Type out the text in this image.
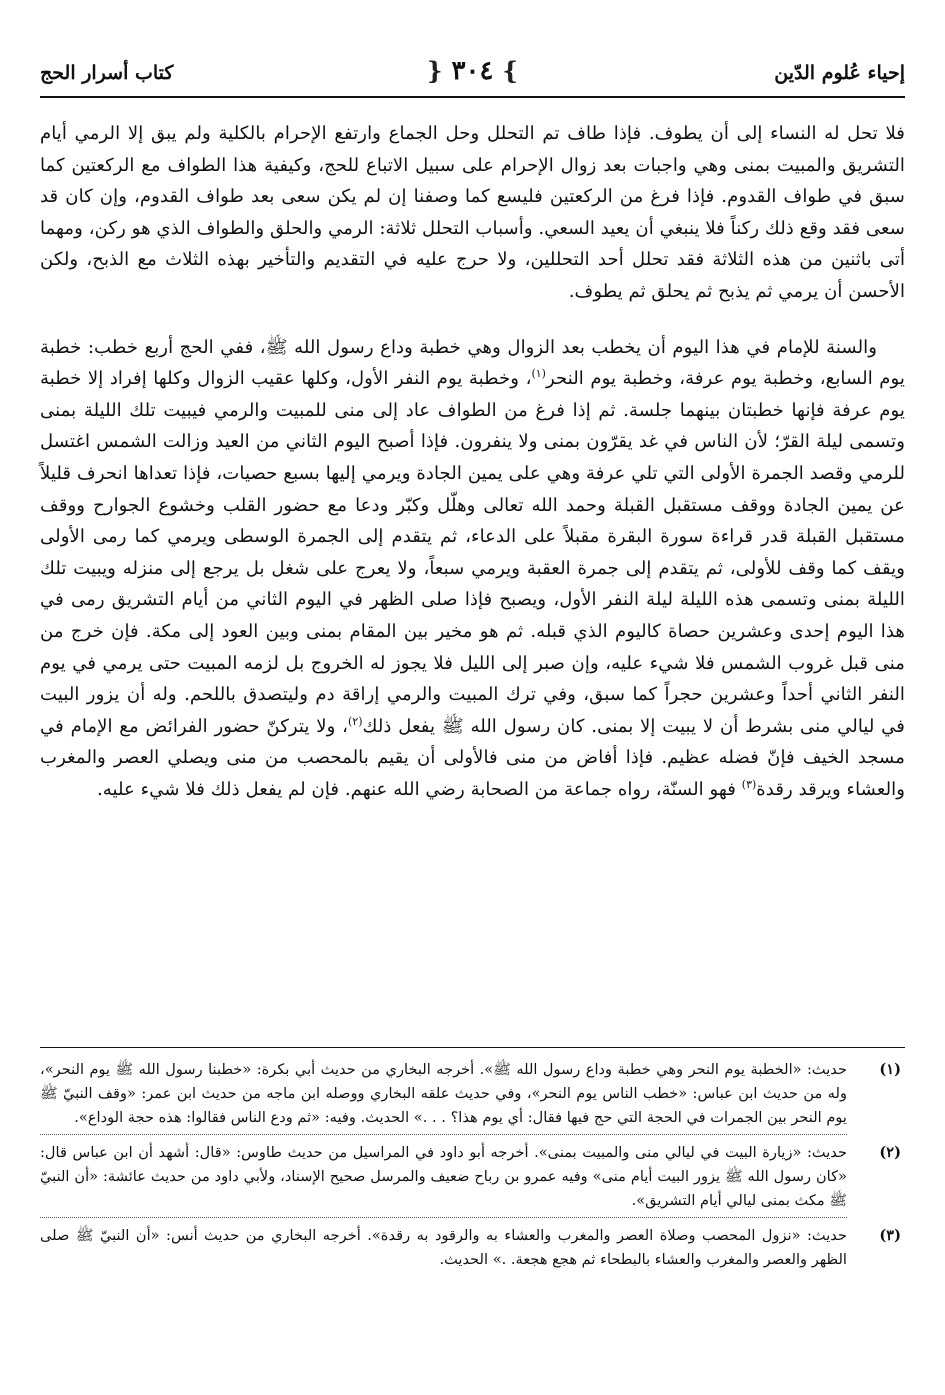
إحياء عُلوم الدّين
} ٣٠٤ {
كتاب أسرار الحج

فلا تحل له النساء إلى أن يطوف. فإذا طاف تم التحلل وحل الجماع وارتفع الإحرام بالكلية ولم يبق إلا الرمي أيام التشريق والمبيت بمنى وهي واجبات بعد زوال الإحرام على سبيل الاتباع للحج، وكيفية هذا الطواف مع الركعتين كما سبق في طواف القدوم. فإذا فرغ من الركعتين فليسع كما وصفنا إن لم يكن سعى بعد طواف القدوم، وإن كان قد سعى فقد وقع ذلك ركناً فلا ينبغي أن يعيد السعي. وأسباب التحلل ثلاثة: الرمي والحلق والطواف الذي هو ركن، ومهما أتى باثنين من هذه الثلاثة فقد تحلل أحد التحللين، ولا حرج عليه في التقديم والتأخير بهذه الثلاث مع الذبح، ولكن الأحسن أن يرمي ثم يذبح ثم يحلق ثم يطوف.

والسنة للإمام في هذا اليوم أن يخطب بعد الزوال وهي خطبة وداع رسول الله ﷺ، ففي الحج أربع خطب: خطبة يوم السابع، وخطبة يوم عرفة، وخطبة يوم النحر$^{(١)}$، وخطبة يوم النفر الأول، وكلها عقيب الزوال وكلها إفراد إلا خطبة يوم عرفة فإنها خطبتان بينهما جلسة. ثم إذا فرغ من الطواف عاد إلى منى للمبيت والرمي فيبيت تلك الليلة بمنى وتسمى ليلة القرّ؛ لأن الناس في غد يقرّون بمنى ولا ينفرون. فإذا أصبح اليوم الثاني من العيد وزالت الشمس اغتسل للرمي وقصد الجمرة الأولى التي تلي عرفة وهي على يمين الجادة ويرمي إليها بسبع حصيات، فإذا تعداها انحرف قليلاً عن يمين الجادة ووقف مستقبل القبلة وحمد الله تعالى وهلّل وكبّر ودعا مع حضور القلب وخشوع الجوارح ووقف مستقبل القبلة قدر قراءة سورة البقرة مقبلاً على الدعاء، ثم يتقدم إلى الجمرة الوسطى ويرمي كما رمى الأولى ويقف كما وقف للأولى، ثم يتقدم إلى جمرة العقبة ويرمي سبعاً، ولا يعرج على شغل بل يرجع إلى منزله ويبيت تلك الليلة بمنى وتسمى هذه الليلة ليلة النفر الأول، ويصبح فإذا صلى الظهر في اليوم الثاني من أيام التشريق رمى في هذا اليوم إحدى وعشرين حصاة كاليوم الذي قبله. ثم هو مخير بين المقام بمنى وبين العود إلى مكة. فإن خرج من منى قبل غروب الشمس فلا شيء عليه، وإن صبر إلى الليل فلا يجوز له الخروج بل لزمه المبيت حتى يرمي في يوم النفر الثاني أحداً وعشرين حجراً كما سبق، وفي ترك المبيت والرمي إراقة دم وليتصدق باللحم. وله أن يزور البيت في ليالي منى بشرط أن لا يبيت إلا بمنى. كان رسول الله ﷺ يفعل ذلك$^{(٢)}$، ولا يتركنّ حضور الفرائض مع الإمام في مسجد الخيف فإنّ فضله عظيم. فإذا أفاض من منى فالأولى أن يقيم بالمحصب من منى ويصلي العصر والمغرب والعشاء ويرقد رقدة$^{(٣)}$ فهو السنّة، رواه جماعة من الصحابة رضي الله عنهم. فإن لم يفعل ذلك فلا شيء عليه.

(١)
حديث: «الخطبة يوم النحر وهي خطبة وداع رسول الله ﷺ». أخرجه البخاري من حديث أبي بكرة: «خطبنا رسول الله ﷺ يوم النحر»، وله من حديث ابن عباس: «خطب الناس يوم النحر»، وفي حديث علقه البخاري ووصله ابن ماجه من حديث ابن عمر: «وقف النبيّ ﷺ يوم النحر بين الجمرات في الحجة التي حج فيها فقال: أي يوم هذا؟ . . .» الحديث. وفيه: «ثم ودع الناس فقالوا: هذه حجة الوداع».

(٢)
حديث: «زيارة البيت في ليالي منى والمبيت بمنى». أخرجه أبو داود في المراسيل من حديث طاوس: «قال: أشهد أن ابن عباس قال: «كان رسول الله ﷺ يزور البيت أيام منى» وفيه عمرو بن رباح ضعيف والمرسل صحيح الإسناد، ولأبي داود من حديث عائشة: «أن النبيّ ﷺ مكث بمنى ليالي أيام التشريق».

(٣)
حديث: «نزول المحصب وصلاة العصر والمغرب والعشاء به والرقود به رقدة». أخرجه البخاري من حديث أنس: «أن النبيّ ﷺ صلى الظهر والعصر والمغرب والعشاء بالبطحاء ثم هجع هجعة. .» الحديث.
